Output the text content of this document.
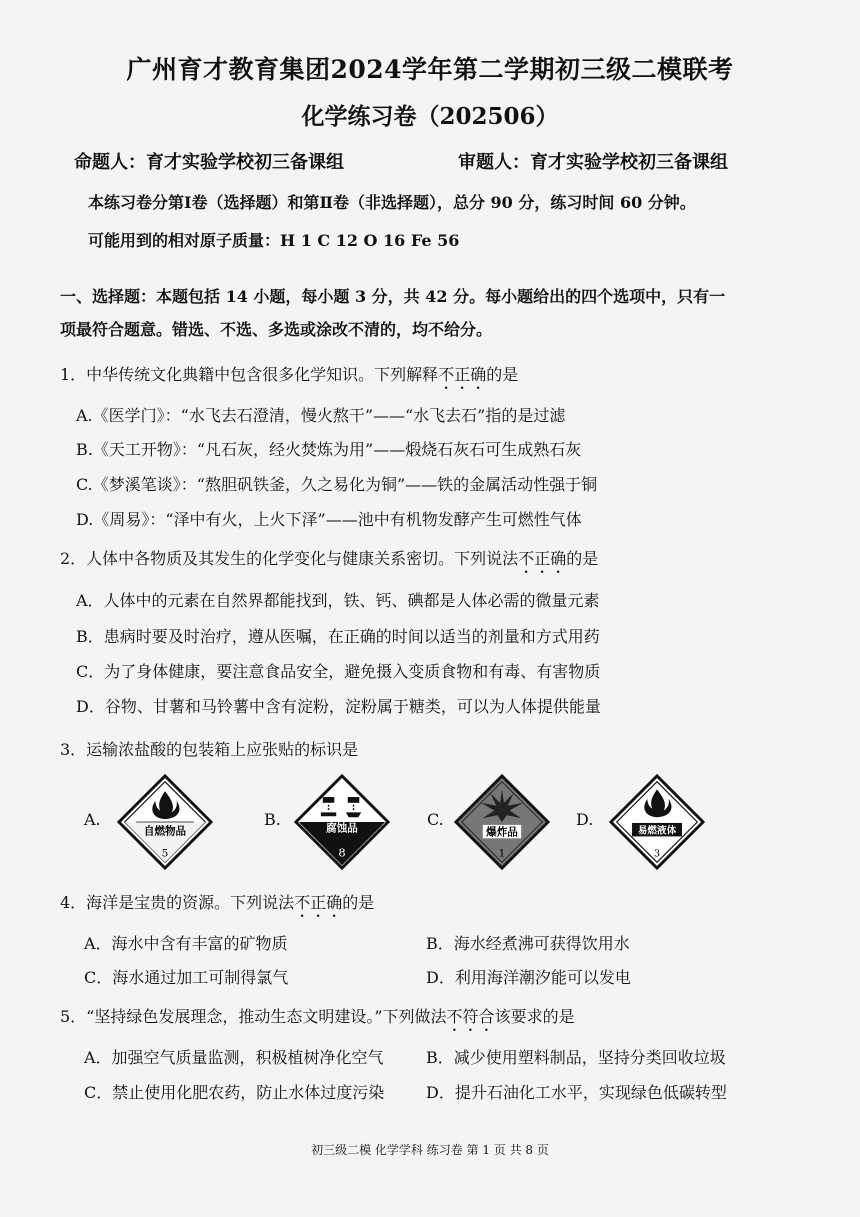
广州育才教育集团2024学年第二学期初三级二模联考
化学练习卷（202506）
命题人：育才实验学校初三备课组	审题人：育才实验学校初三备课组
本练习卷分第Ⅰ卷（选择题）和第Ⅱ卷（非选择题），总分 90 分，练习时间 60 分钟。
可能用到的相对原子质量：H 1 C 12 O 16 Fe 56
一、选择题：本题包括 14 小题，每小题 3 分，共 42 分。每小题给出的四个选项中，只有一
项最符合题意。错选、不选、多选或涂改不清的，均不给分。
1．中华传统文化典籍中包含很多化学知识。下列解释不正确的是
A.《医学门》：“水飞去石澄清，慢火熬干”——“水飞去石”指的是过滤
B.《天工开物》：“凡石灰，经火焚炼为用”——煅烧石灰石可生成熟石灰
C.《梦溪笔谈》：“熬胆矾铁釜，久之易化为铜”——铁的金属活动性强于铜
D.《周易》：“泽中有火，上火下泽”——池中有机物发酵产生可燃性气体
2．人体中各物质及其发生的化学变化与健康关系密切。下列说法不正确的是
A．人体中的元素在自然界都能找到，铁、钙、碘都是人体必需的微量元素
B．患病时要及时治疗，遵从医嘱，在正确的时间以适当的剂量和方式用药
C．为了身体健康，要注意食品安全，避免摄入变质食物和有毒、有害物质
D．谷物、甘薯和马铃薯中含有淀粉，淀粉属于糖类，可以为人体提供能量
3．运输浓盐酸的包装箱上应张贴的标识是
A.	B.	C.	D.
自燃物品
5
腐蚀品
8
爆炸品
1
易燃液体
3
4．海洋是宝贵的资源。下列说法不正确的是
A．海水中含有丰富的矿物质	B．海水经煮沸可获得饮用水
C．海水通过加工可制得氯气	D．利用海洋潮汐能可以发电
5．“坚持绿色发展理念，推动生态文明建设。”下列做法不符合该要求的是
A．加强空气质量监测，积极植树净化空气	B．减少使用塑料制品，坚持分类回收垃圾
C．禁止使用化肥农药，防止水体过度污染	D．提升石油化工水平，实现绿色低碳转型
初三级二模 化学学科 练习卷 第 1 页 共 8 页
